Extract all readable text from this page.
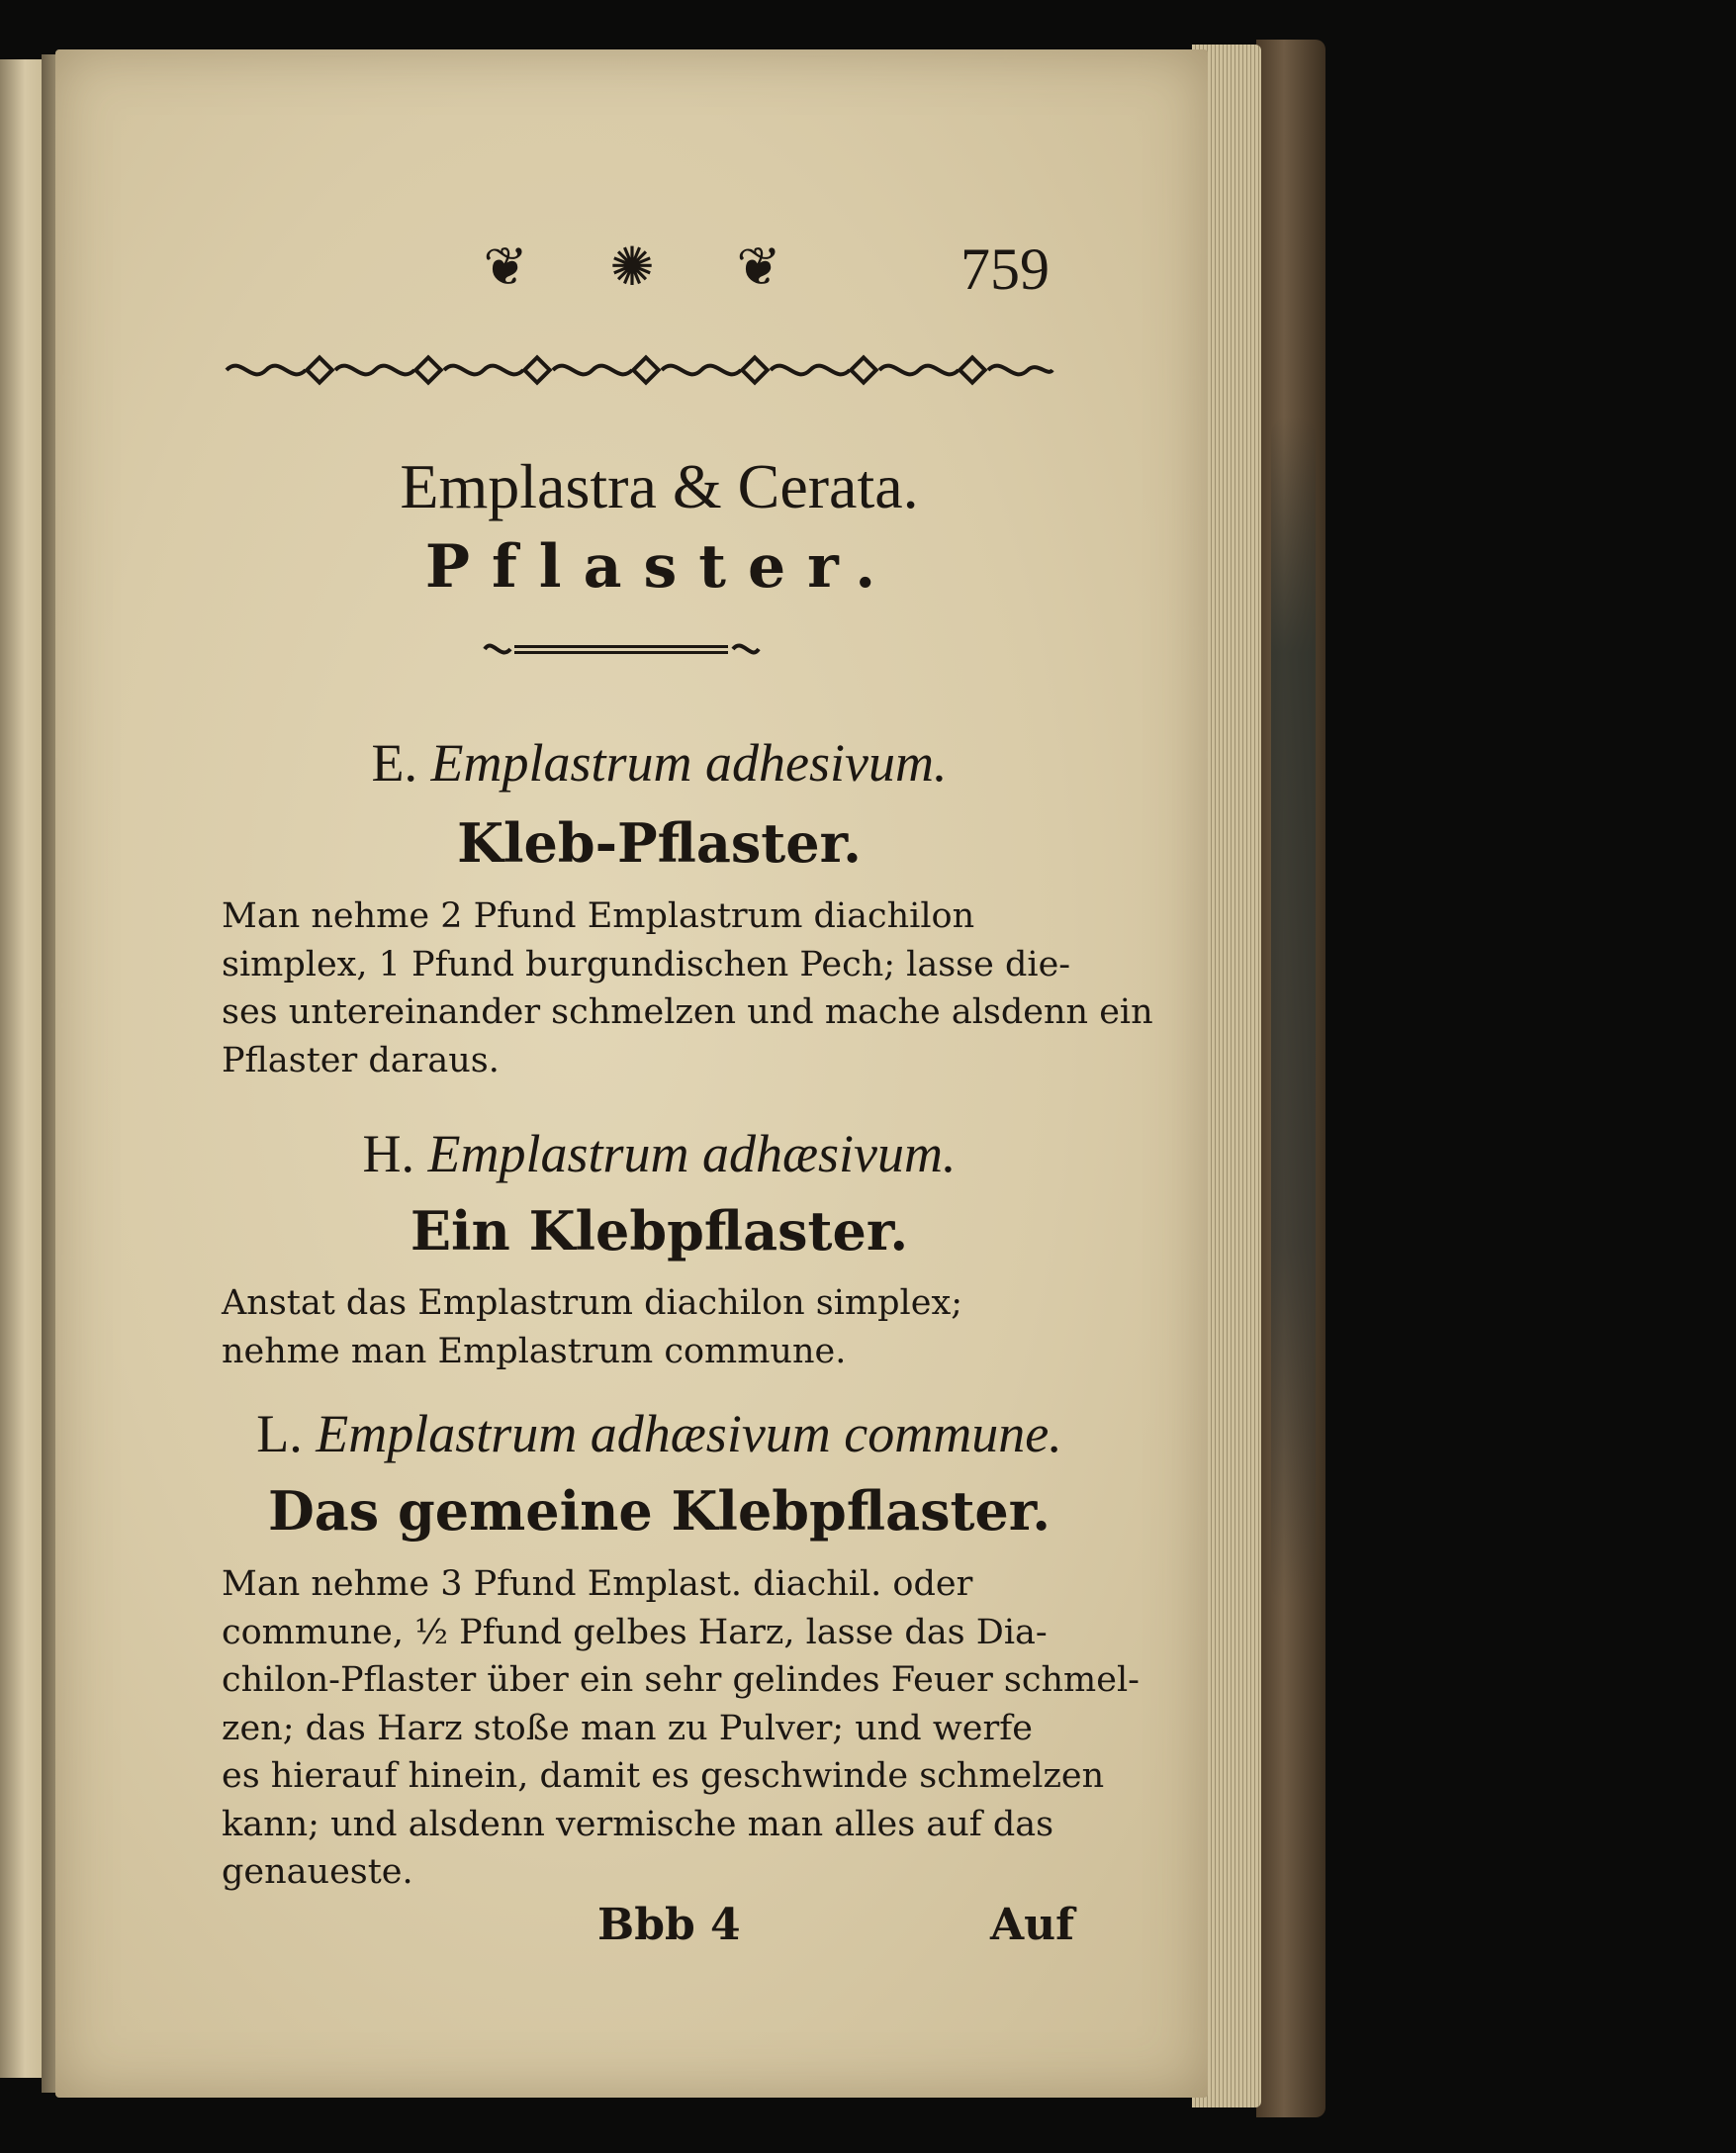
❦ ✺ ❦	759
Emplastra & Cerata.
Pflaster.
E. Emplastrum adhesivum.
Kleb-Pflaster.
Man nehme 2 Pfund Emplastrum diachilon
simplex, 1 Pfund burgundischen Pech; lasse die-
ses untereinander schmelzen und mache alsdenn ein
Pflaster daraus.
H. Emplastrum adhæsivum.
Ein Klebpflaster.
Anstat das Emplastrum diachilon simplex;
nehme man Emplastrum commune.
L. Emplastrum adhæsivum commune.
Das gemeine Klebpflaster.
Man nehme 3 Pfund Emplast. diachil. oder
commune, ½ Pfund gelbes Harz, lasse das Dia-
chilon-Pflaster über ein sehr gelindes Feuer schmel-
zen; das Harz stoße man zu Pulver; und werfe
es hierauf hinein, damit es geschwinde schmelzen
kann; und alsdenn vermische man alles auf das
genaueste.
Bbb 4	Auf
